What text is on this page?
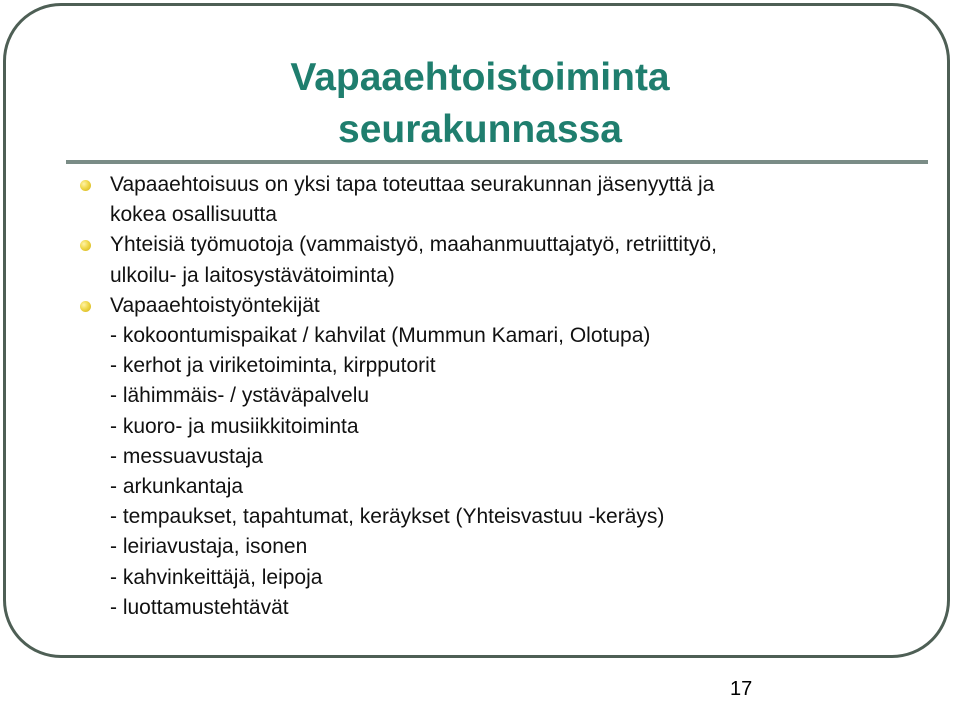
Vapaaehtoistoiminta
seurakunnassa
Vapaaehtoisuus on yksi tapa toteuttaa seurakunnan jäsenyyttä ja
kokea osallisuutta
Yhteisiä työmuotoja (vammaistyö, maahanmuuttajatyö, retriittityö,
ulkoilu- ja laitosystävätoiminta)
Vapaaehtoistyöntekijät
- kokoontumispaikat / kahvilat (Mummun Kamari, Olotupa)
- kerhot ja viriketoiminta, kirpputorit
- lähimmäis- / ystäväpalvelu
- kuoro- ja musiikkitoiminta
- messuavustaja
- arkunkantaja
- tempaukset, tapahtumat, keräykset (Yhteisvastuu -keräys)
- leiriavustaja, isonen
- kahvinkeittäjä, leipoja
- luottamustehtävät
17
